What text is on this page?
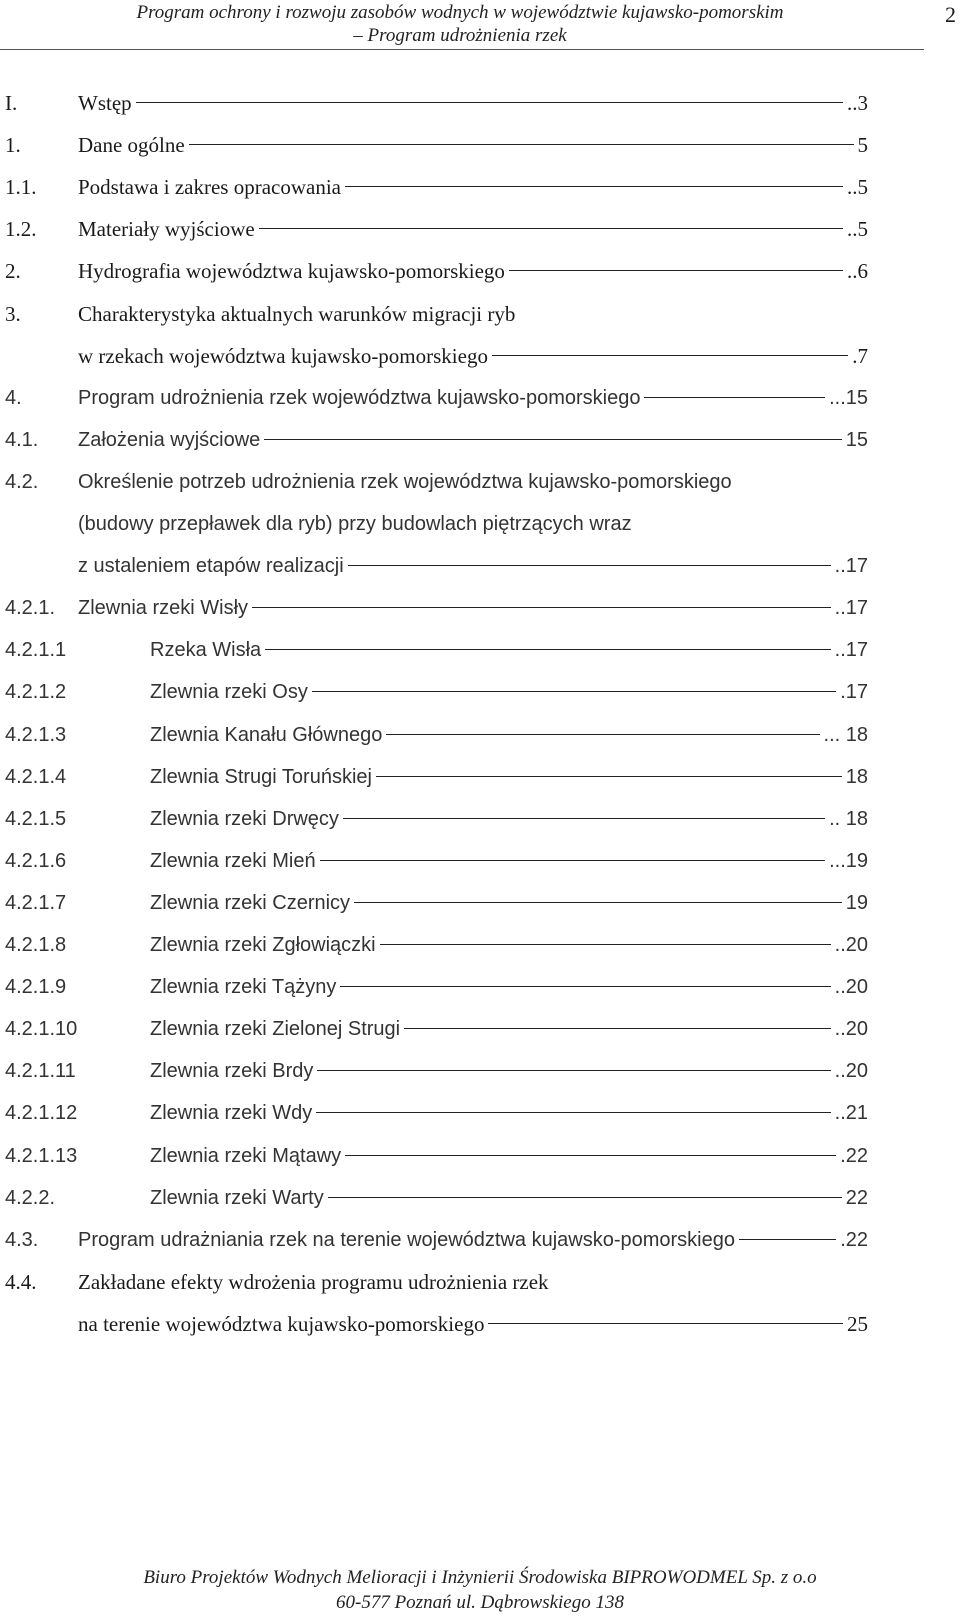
Program ochrony i rozwoju zasobów wodnych w województwie kujawsko-pomorskim
– Program udrożnienia rzek
2
I.	Wstęp	..3
1.	Dane ogólne	5
1.1. Podstawa i zakres opracowania	..5
1.2. Materiały wyjściowe	..5
2.	Hydrografia województwa kujawsko-pomorskiego	..6
3.	Charakterystyka aktualnych warunków migracji ryb
w rzekach województwa kujawsko-pomorskiego	.7
4.	Program udrożnienia rzek województwa kujawsko-pomorskiego	...15
4.1. Założenia wyjściowe	15
4.2. Określenie potrzeb udrożnienia rzek województwa kujawsko-pomorskiego
(budowy przepławek dla ryb) przy budowlach piętrzących wraz
z ustaleniem etapów realizacji	..17
4.2.1. Zlewnia rzeki Wisły	..17
4.2.1.1	Rzeka Wisła	..17
4.2.1.2	Zlewnia rzeki Osy	.17
4.2.1.3	Zlewnia Kanału Głównego	... 18
4.2.1.4	Zlewnia Strugi Toruńskiej	18
4.2.1.5	Zlewnia rzeki Drwęcy	.. 18
4.2.1.6	Zlewnia rzeki Mień	...19
4.2.1.7	Zlewnia rzeki Czernicy	19
4.2.1.8	Zlewnia rzeki Zgłowiączki	..20
4.2.1.9	Zlewnia rzeki Tążyny	..20
4.2.1.10	Zlewnia rzeki Zielonej Strugi	..20
4.2.1.11	Zlewnia rzeki Brdy	..20
4.2.1.12	Zlewnia rzeki Wdy	..21
4.2.1.13	Zlewnia rzeki Mątawy	.22
4.2.2.	Zlewnia rzeki Warty	22
4.3. Program udrażniania rzek na terenie województwa kujawsko-pomorskiego	.22
4.4. Zakładane efekty wdrożenia programu udrożnienia rzek
na terenie województwa kujawsko-pomorskiego	25
Biuro Projektów Wodnych Melioracji i Inżynierii Środowiska BIPROWODMEL Sp. z o.o
60-577 Poznań ul. Dąbrowskiego 138
